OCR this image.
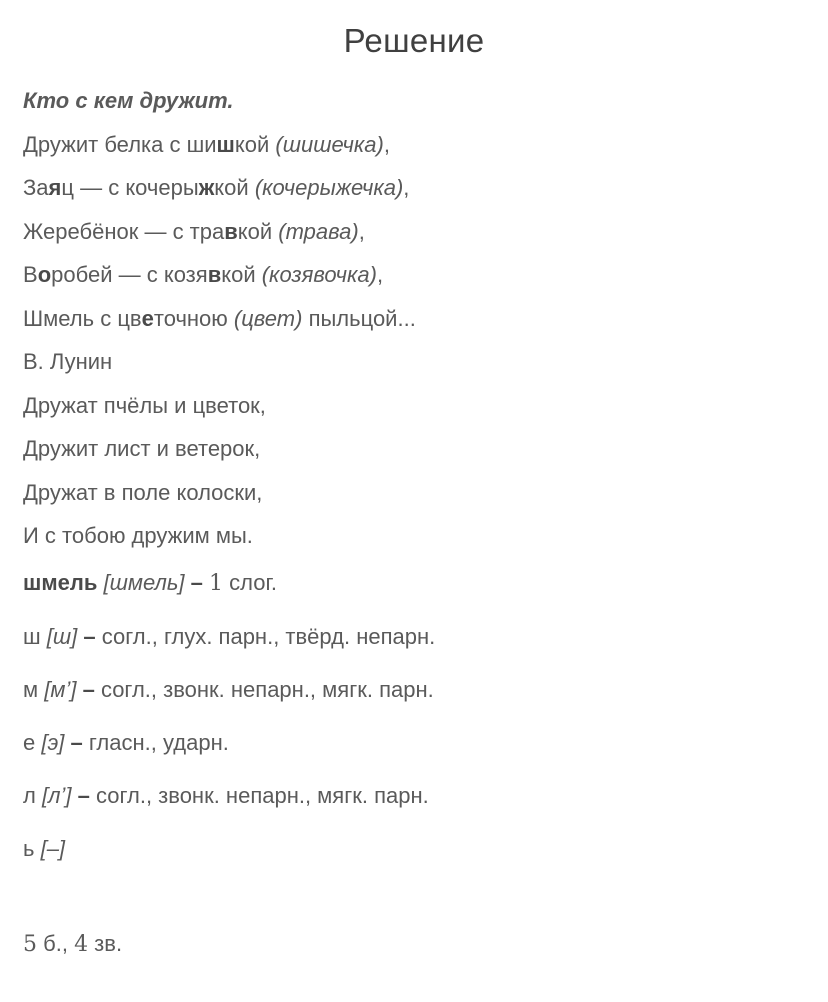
Решение
Кто с кем дружит.
Дружит белка с шишкой (шишечка),
Заяц — с кочерыжкой (кочерыжечка),
Жеребёнок — с травкой (трава),
Воробей — с козявкой (козявочка),
Шмель с цветочною (цвет) пыльцой...
В. Лунин
Дружат пчёлы и цветок,
Дружит лист и ветерок,
Дружат в поле колоски,
И с тобою дружим мы.
шмель [шмель] – 1 слог.
ш [ш] – согл., глух. парн., твёрд. непарн.
м [м’] – согл., звонк. непарн., мягк. парн.
е [э] – гласн., ударн.
л [л’] – согл., звонк. непарн., мягк. парн.
ь [–]
5 б., 4 зв.
